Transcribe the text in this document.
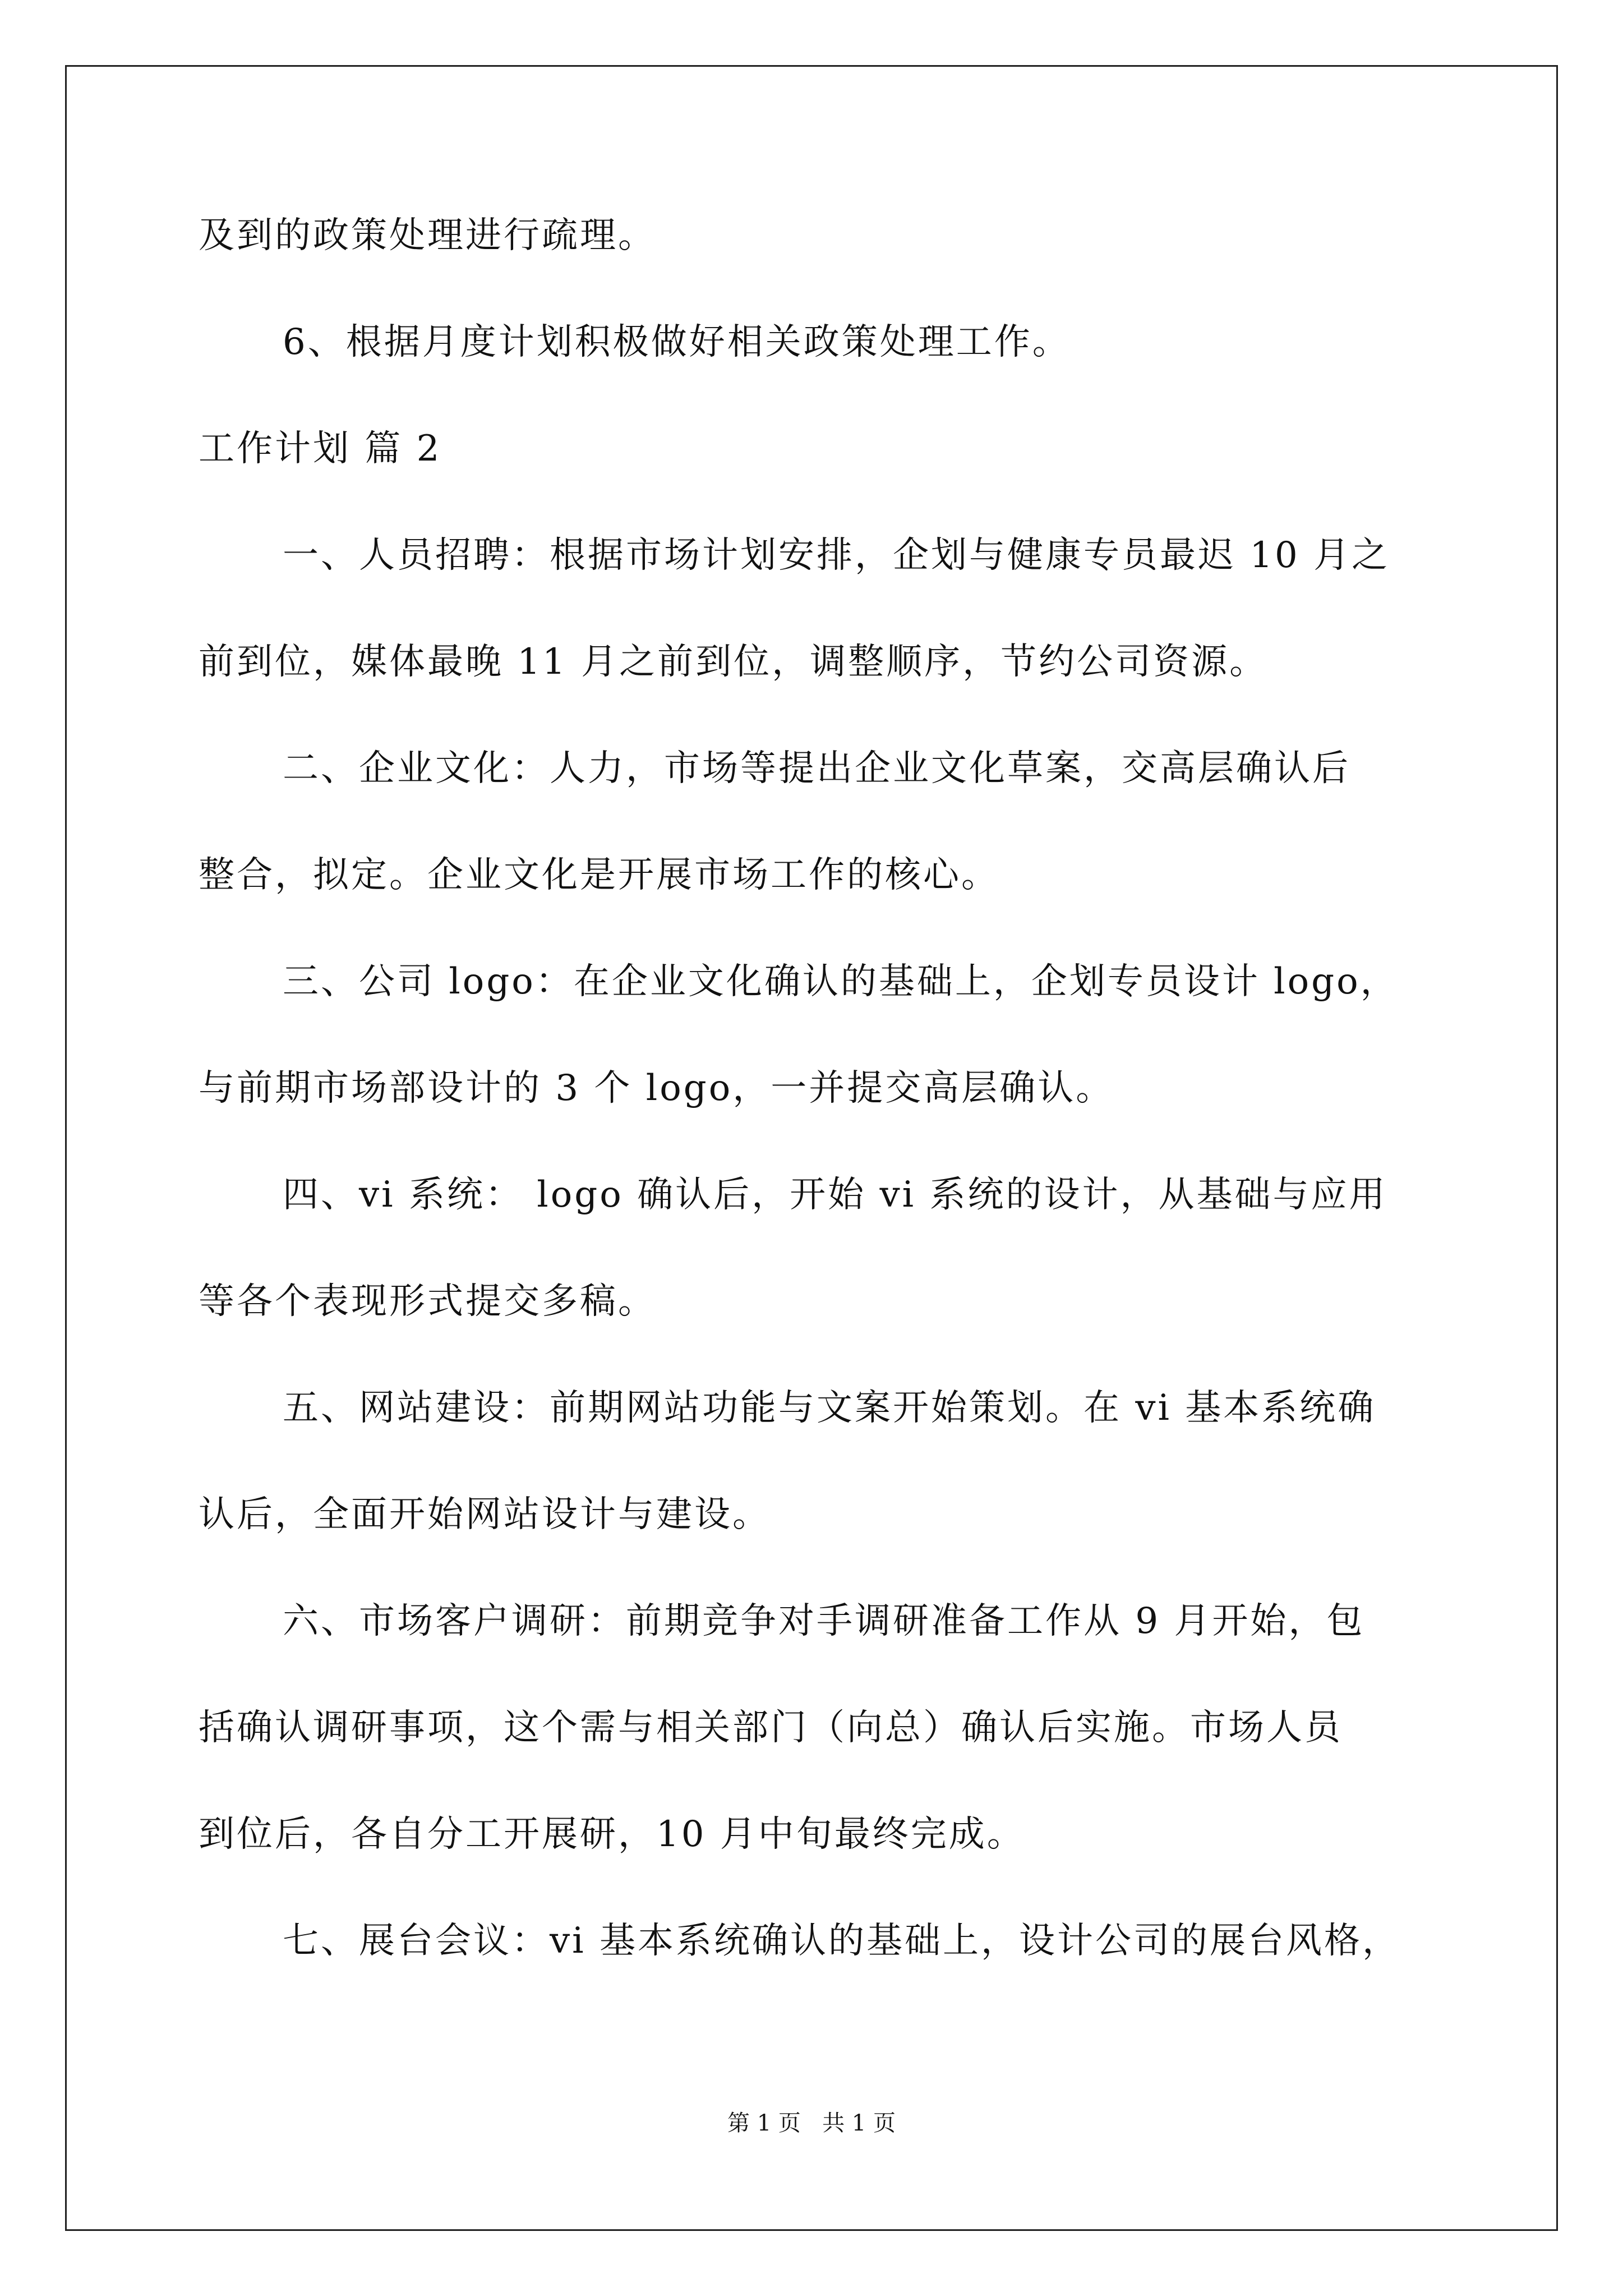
及到的政策处理进行疏理。
6、根据月度计划积极做好相关政策处理工作。
工作计划 篇 2
一、人员招聘：根据市场计划安排，企划与健康专员最迟 10 月之
前到位，媒体最晚 11 月之前到位，调整顺序，节约公司资源。
二、企业文化：人力，市场等提出企业文化草案，交高层确认后
整合，拟定。企业文化是开展市场工作的核心。
三、公司 logo：在企业文化确认的基础上，企划专员设计 logo，
与前期市场部设计的 3 个 logo，一并提交高层确认。
四、vi 系统： logo 确认后，开始 vi 系统的设计，从基础与应用
等各个表现形式提交多稿。
五、网站建设：前期网站功能与文案开始策划。在 vi 基本系统确
认后，全面开始网站设计与建设。
六、市场客户调研：前期竞争对手调研准备工作从 9 月开始，包
括确认调研事项，这个需与相关部门（向总）确认后实施。市场人员
到位后，各自分工开展研，10 月中旬最终完成。
七、展台会议：vi 基本系统确认的基础上，设计公司的展台风格，
第 1 页   共 1 页
